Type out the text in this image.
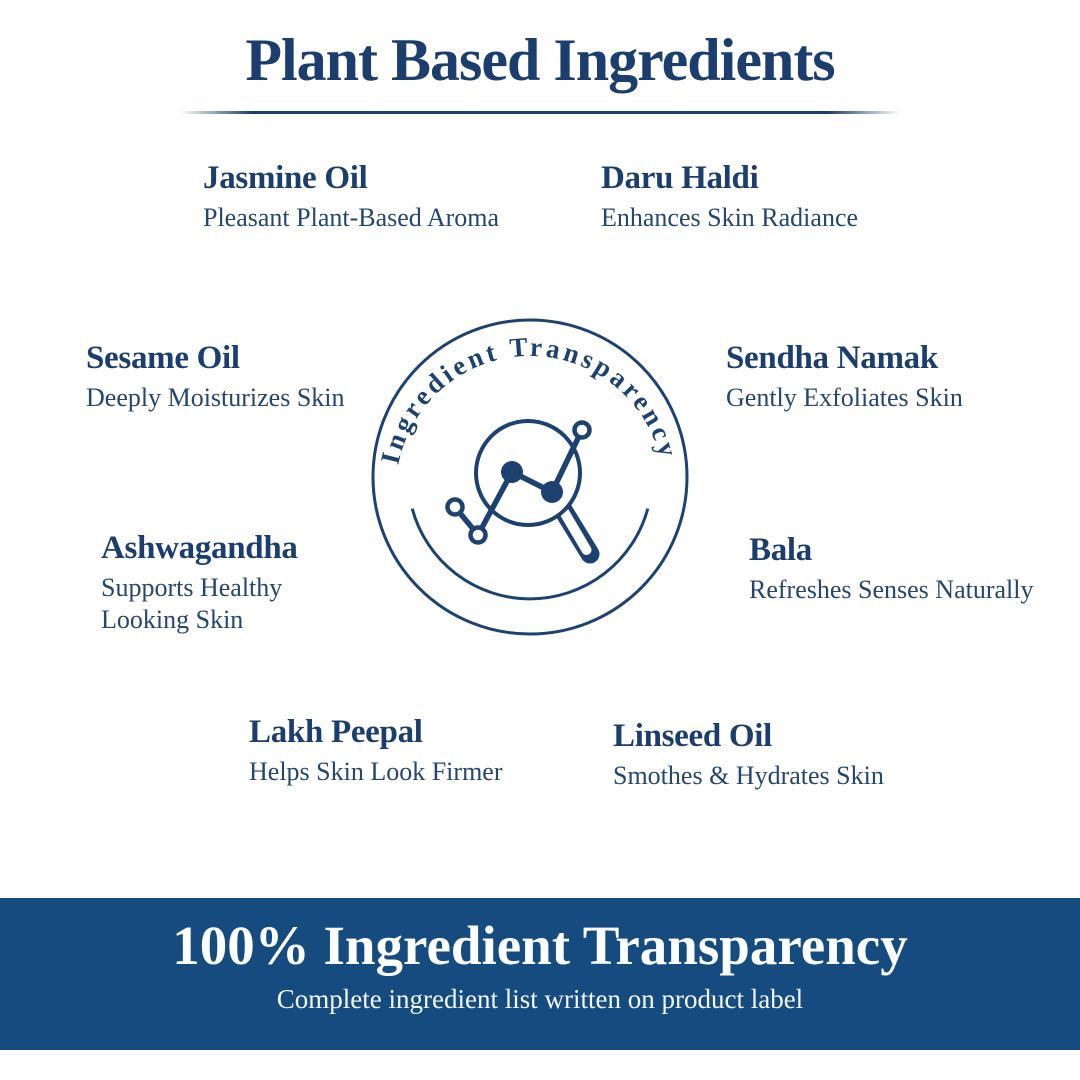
Plant Based Ingredients
Jasmine Oil

Pleasant Plant-Based Aroma

Daru Haldi

Enhances Skin Radiance

Sesame Oil

Deeply Moisturizes Skin

Sendha Namak

Gently Exfoliates Skin

Ashwagandha

Supports Healthy Looking Skin

Bala

Refreshes Senses Naturally

Lakh Peepal

Helps Skin Look Firmer

Linseed Oil

Smothes & Hydrates Skin

Ingredient Transparency
100% Ingredient Transparency

Complete ingredient list written on product label
